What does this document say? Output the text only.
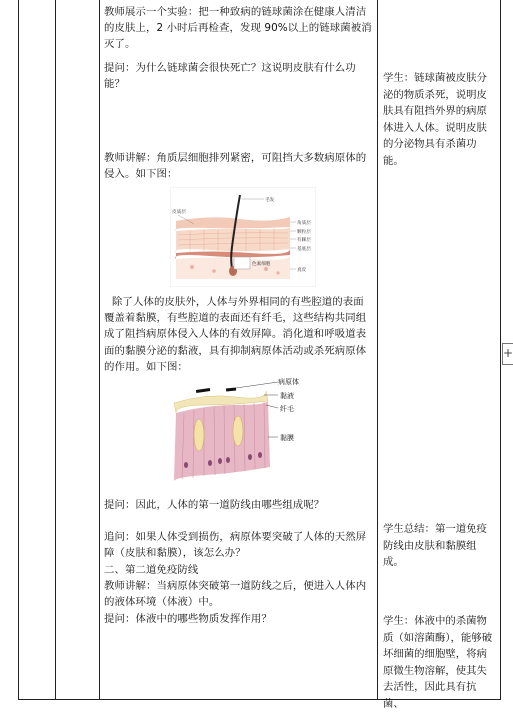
教师展示一个实验：把一种致病的链球菌涂在健康人清洁的皮肤上，2 小时后再检查，发现 90%以上的链球菌被消灭了。
提问：为什么链球菌会很快死亡？这说明皮肤有什么功能？
教师讲解：角质层细胞排列紧密，可阻挡大多数病原体的侵入。如下图：
毛发
角质层
颗粒层
有棘层
基底层
真皮
皮质层
色素细胞
除了人体的皮肤外，人体与外界相同的有些腔道的表面覆盖着黏膜，有些腔道的表面还有纤毛，这些结构共同组成了阻挡病原体侵入人体的有效屏障。消化道和呼吸道表面的黏膜分泌的黏液，具有抑制病原体活动或杀死病原体的作用。如下图：
病原体
黏液
纤毛
黏膜
提问：因此，人体的第一道防线由哪些组成呢？
追问：如果人体受到损伤，病原体要突破了人体的天然屏障（皮肤和黏膜），该怎么办？
二、第二道免疫防线
教师讲解：当病原体突破第一道防线之后，便进入人体内的液体环境（体液）中。
提问：体液中的哪些物质发挥作用？
学生：链球菌被皮肤分泌的物质杀死，说明皮肤具有阻挡外界的病原体进入人体。说明皮肤的分泌物具有杀菌功能。
学生总结：第一道免疫防线由皮肤和黏膜组成。
学生：体液中的杀菌物质（如溶菌酶），能够破坏细菌的细胞壁，将病原微生物溶解，使其失去活性，因此具有抗菌、
+
